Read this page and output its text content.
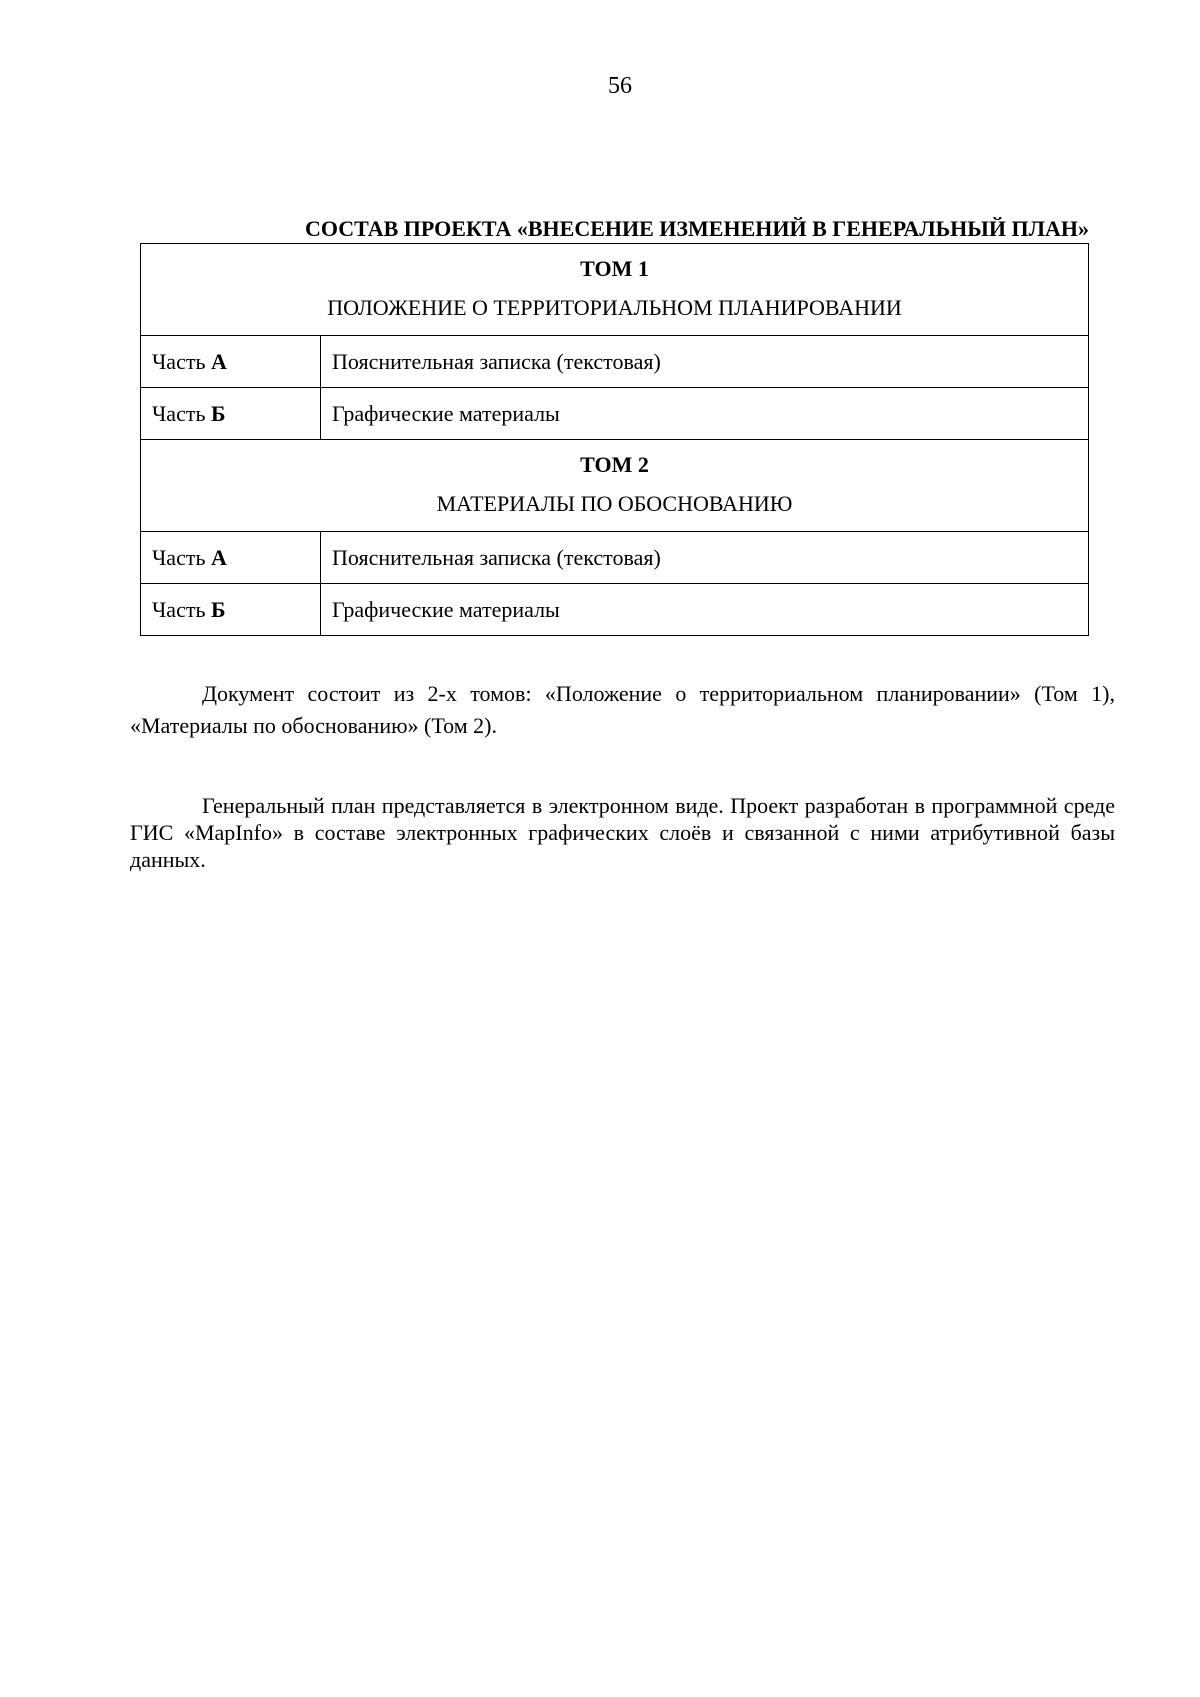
56
СОСТАВ ПРОЕКТА «ВНЕСЕНИЕ ИЗМЕНЕНИЙ В ГЕНЕРАЛЬНЫЙ ПЛАН»
ТОМ 1
ПОЛОЖЕНИЕ О ТЕРРИТОРИАЛЬНОМ ПЛАНИРОВАНИИ	

Часть А	Пояснительная записка (текстовая)
Часть Б	Графические материалы

ТОМ 2
МАТЕРИАЛЫ ПО ОБОСНОВАНИЮ	

Часть А	Пояснительная записка (текстовая)
Часть Б	Графические материалы

Документ состоит из 2-х томов: «Положение о территориальном планировании» (Том 1), «Материалы по обоснованию» (Том 2).

Генеральный план представляется в электронном виде. Проект разработан в программной среде ГИС «MapInfo» в составе электронных графических слоёв и связанной с ними атрибутивной базы данных.
